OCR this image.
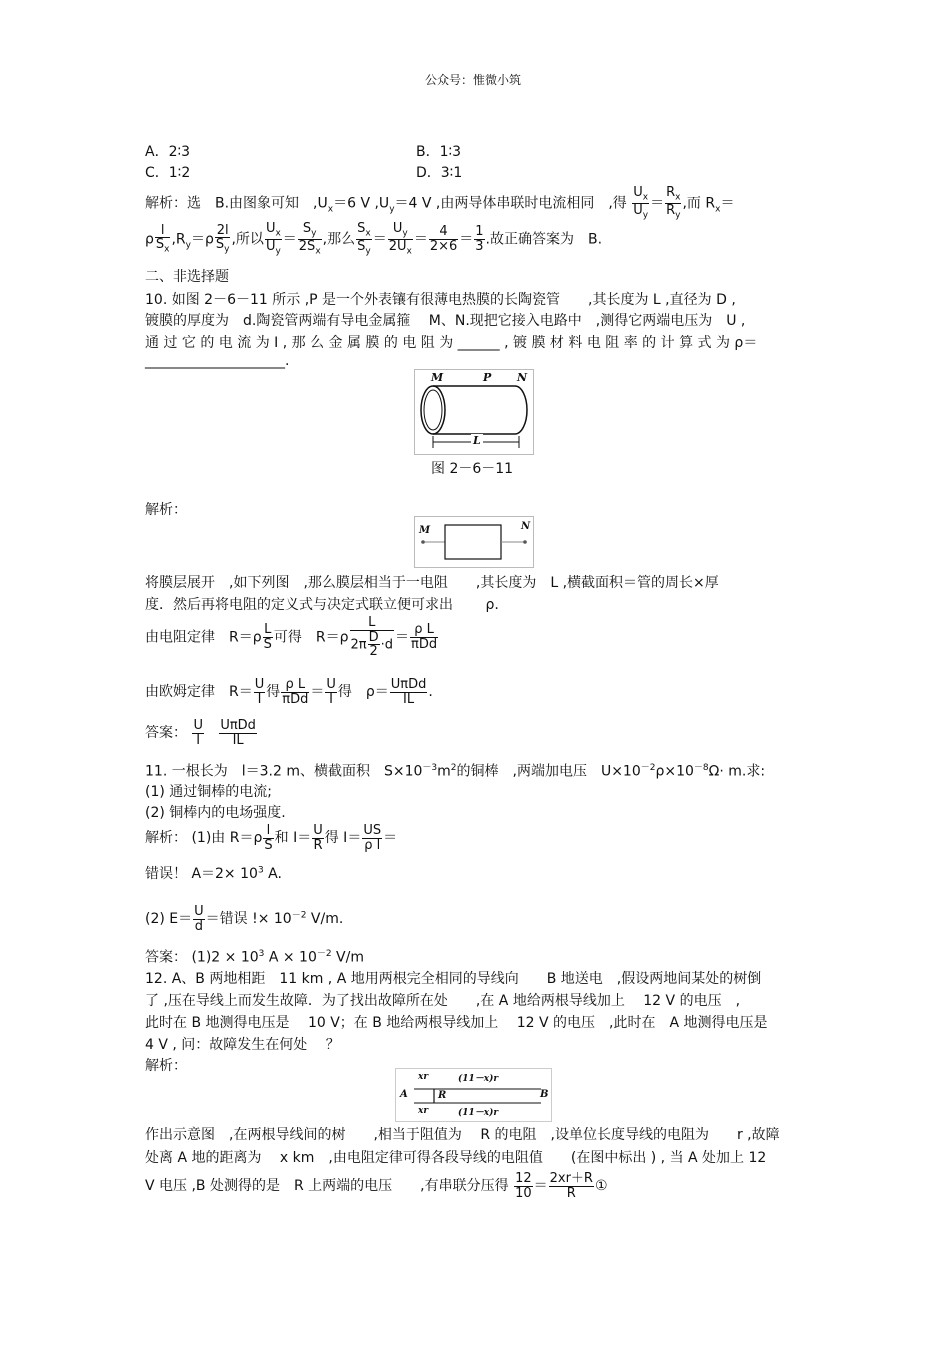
公众号：惟微小筑
A．2∶3	B．1∶3
C．1∶2	D．3∶1
解析：选　B.由图象可知　$,U_x=6$ V $,U_y=4$ V ,由两导体串联时电流相同　,得 $\frac{U_x}{U_y} = \frac{R_x}{R_y}$ ,而 $R_x=$
ρ $\frac{l}{S_x} ,R_y=\rho \frac{2l}{S_y}$ ,所以 $\frac{U_x}{U_y} = \frac{S_y}{2S_x}$ ,那么 $\frac{S_x}{S_y} = \frac{U_y}{2U_x} = \frac{4}{2\times 6} = \frac{1}{3}$ .故正确答案为　B.
二、非选择题
10. 如图 2－6－11 所示 ,P 是一个外表镶有很薄电热膜的长陶瓷管　　,其长度为 L ,直径为 D ,
镀膜的厚度为　d.陶瓷管两端有导电金属箍　 M、N.现把它接入电路中　,测得它两端电压为　U ,
通 过 它 的 电 流 为 I , 那 么 金 属 膜 的 电 阻 为 ______ , 镀 膜 材 料 电 阻 率 的 计 算 式 为 ρ＝
____________________.
M	P N
L
图 2－6－11
解析：
M	N
将膜层展开　,如下列图　,那么膜层相当于一电阻　　,其长度为　L ,横截面积＝管的周长×厚
度．然后再将电阻的定义式与决定式联立便可求出　　 ρ.
由电阻定律　$R=\rho \frac{L}{S}$ 可得　$R=\rho \frac{L}{2\pi \frac{D}{2} \cdot d} = \frac{\text{ρ L}}{\text{πDd}}$
由欧姆定律　$R= \frac{U}{I}$ 得 $\frac{\text{ρ L}}{\text{πDd}} = \frac{U}{I}$ 得　$\rho= \frac{\text{UπDd}}{IL}$ .
答案： $\frac{U}{I}$
$\frac{\text{UπDd}}{IL}$
11. 一根长为　l＝3.2 m、横截面积　$S\times 10^{-3}m^2$的铜棒　,两端加电压　$U\times 10^{-2}\rho\times 10^{-8}\Omega\cdot m$.求:
(1) 通过铜棒的电流;
(2) 铜棒内的电场强度.
解析： (1)由 $R=\rho \frac{l}{S}$ 和 $I= \frac{U}{R}$ 得 $I= \frac{US}{\text{ρ l}}$ ＝
错误！ $A=2\times 10^3$ A.
(2) $E= \frac{U}{d}$ ＝错误 !× $10^{-2}$ V/m.
答案： $(1)2 \times 10^3$ $A \times 10^{-2}$ V/m
12. A、B 两地相距　11 km , A 地用两根完全相同的导线向　　B 地送电　,假设两地间某处的树倒
了 ,压在导线上而发生故障．为了找出故障所在处　　,在 A 地给两根导线加上　 12 V 的电压　,
此时在 B 地测得电压是　 10 V；在 B 地给两根导线加上　 12 V 的电压　,此时在　A 地测得电压是
4 V , 问：故障发生在何处　 ？
解析：
xr	(11－x)r
A	R	B
xr	(11－x)r
作出示意图　,在两根导线间的树　　,相当于阻值为　 R 的电阻　,设单位长度导线的电阻为　　r ,故障
处离 A 地的距离为　 x km　,由电阻定律可得各段导线的电阻值　　(在图中标出 ) , 当 A 处加上 12
V 电压 ,B 处测得的是　R 上两端的电压　　,有串联分压得 $\frac{12}{10} = \frac{2xr+R}{R}$ ①
